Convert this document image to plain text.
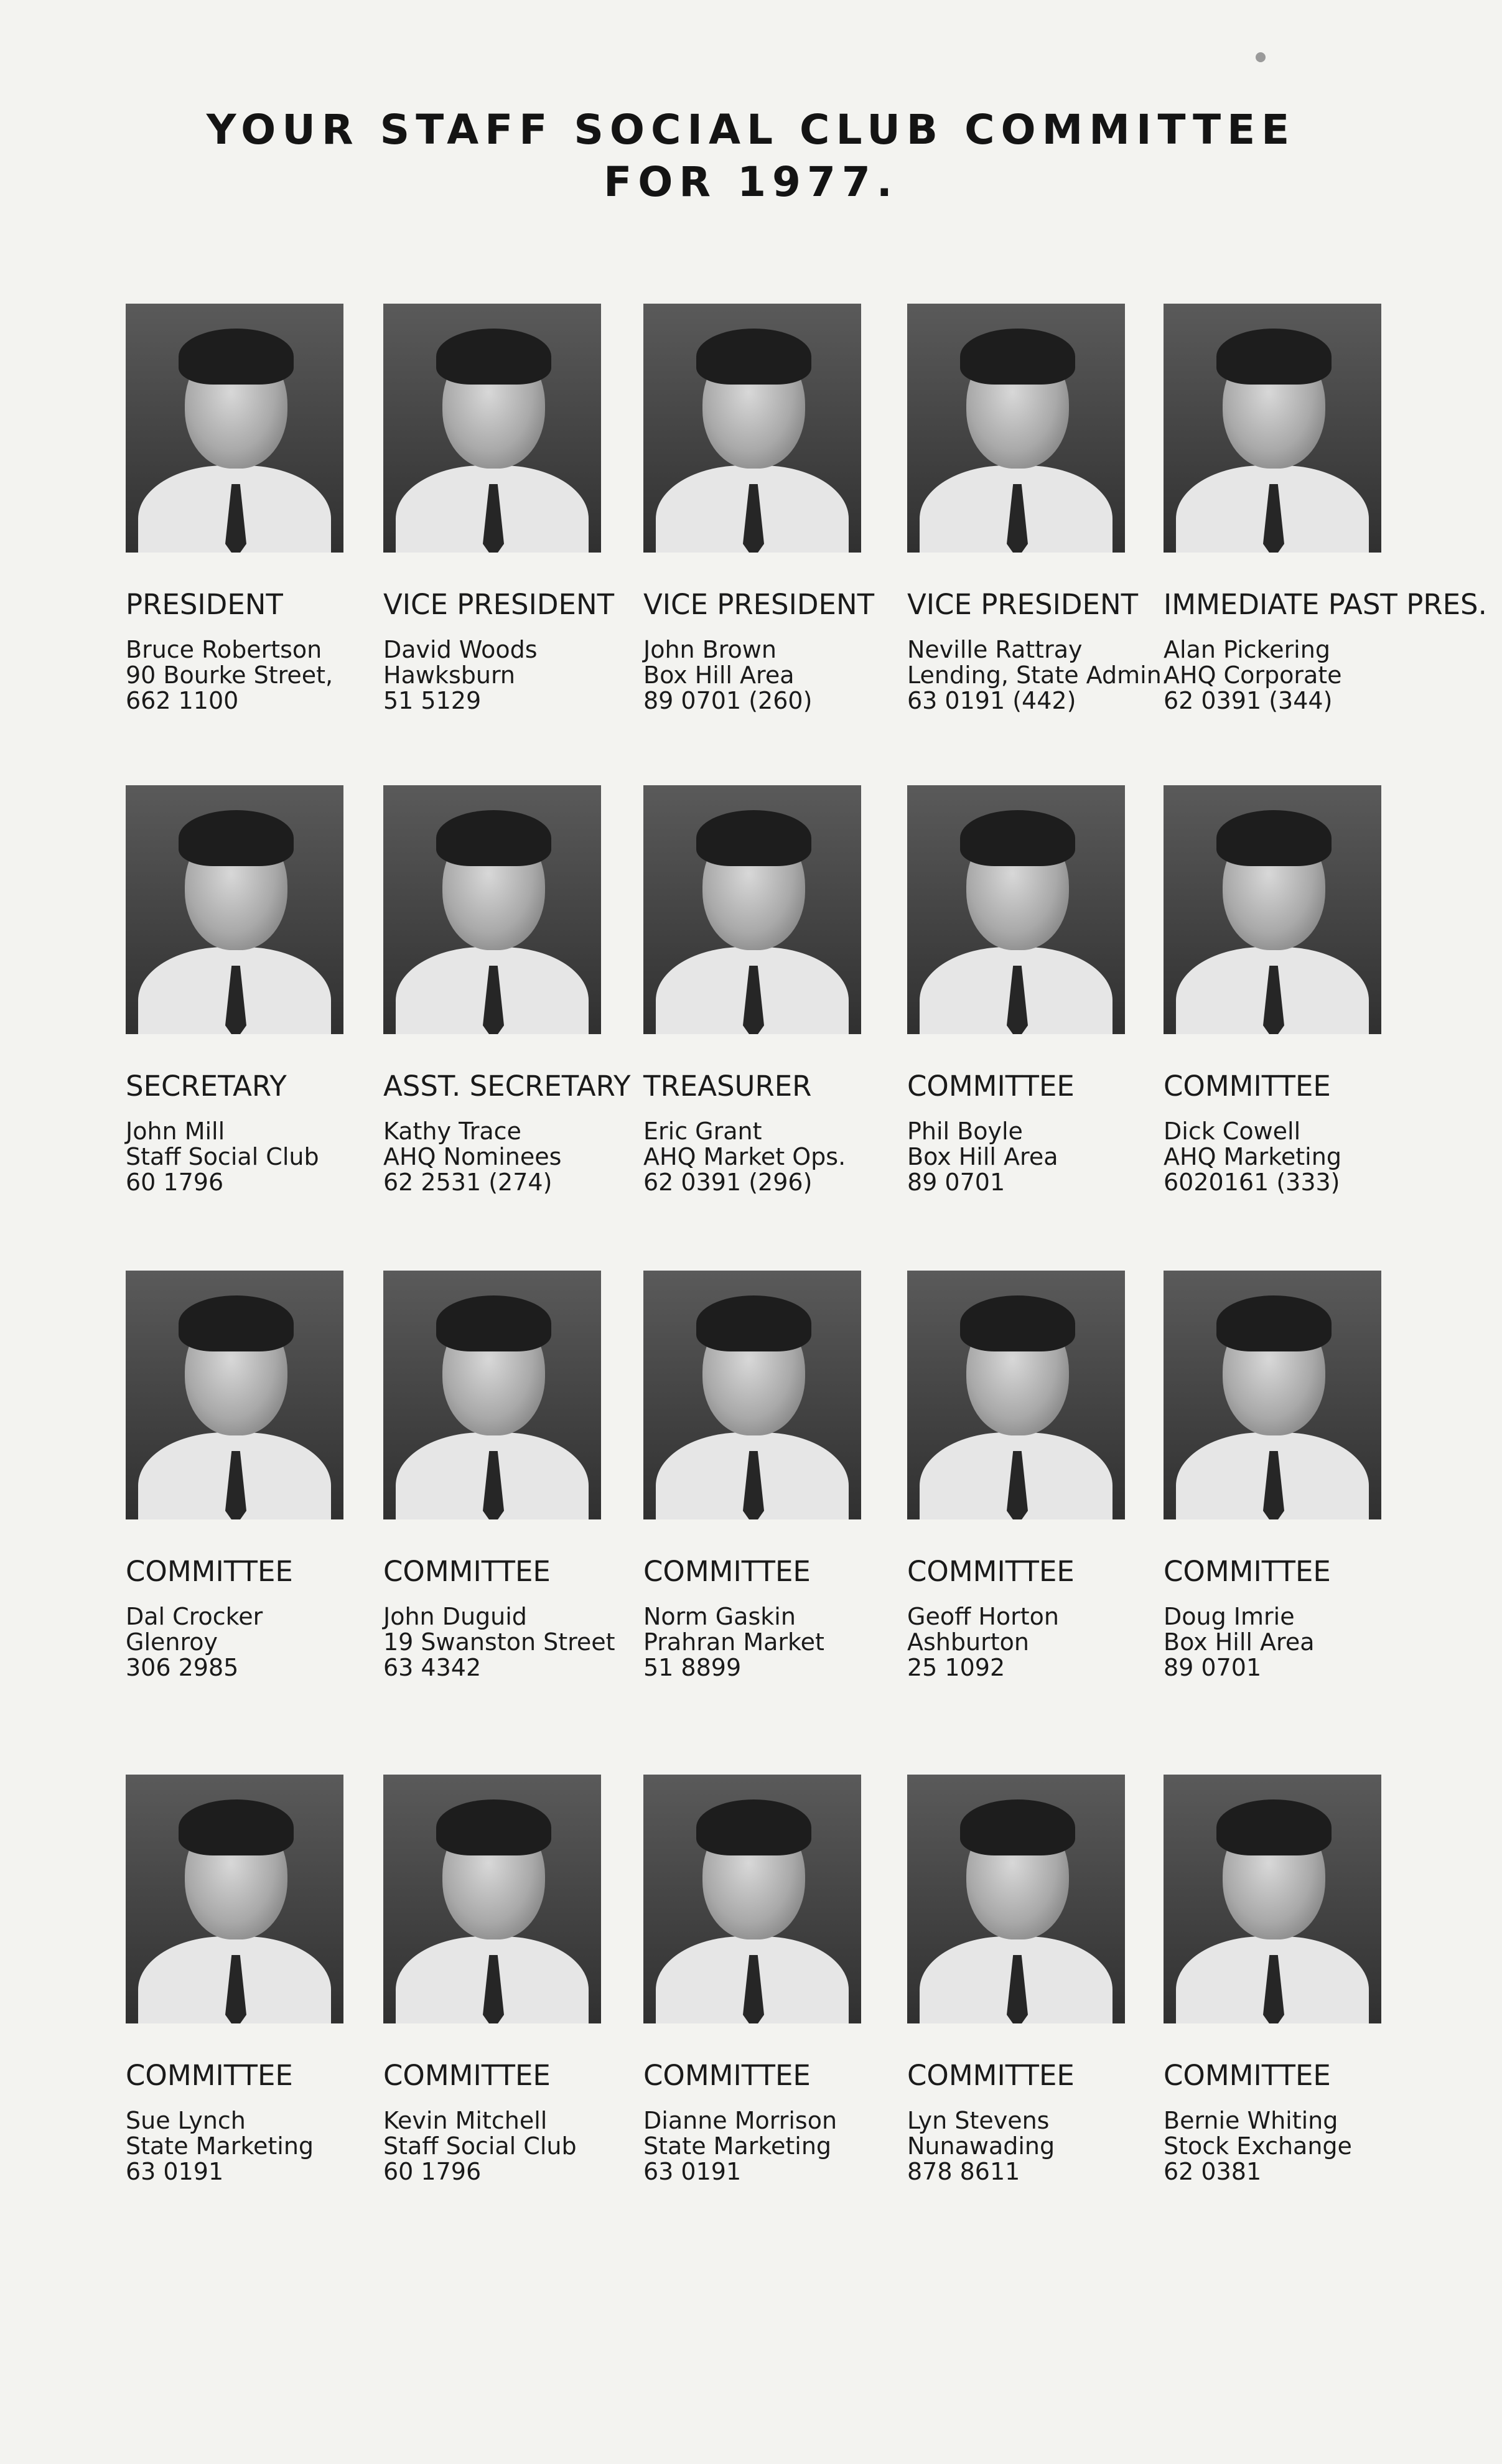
YOUR STAFF SOCIAL CLUB COMMITTEE
FOR 1977.
PRESIDENT
Bruce Robertson
90 Bourke Street,
662 1100
VICE PRESIDENT
David Woods
Hawksburn
51 5129
VICE PRESIDENT
John Brown
Box Hill Area
89 0701 (260)
VICE PRESIDENT
Neville Rattray
Lending, State Admin.
63 0191 (442)
IMMEDIATE PAST PRES.
Alan Pickering
AHQ Corporate
62 0391 (344)
SECRETARY
John Mill
Staff Social Club
60 1796
ASST. SECRETARY
Kathy Trace
AHQ Nominees
62 2531 (274)
TREASURER
Eric Grant
AHQ Market Ops.
62 0391 (296)
COMMITTEE
Phil Boyle
Box Hill Area
89 0701
COMMITTEE
Dick Cowell
AHQ Marketing
6020161 (333)
COMMITTEE
Dal Crocker
Glenroy
306 2985
COMMITTEE
John Duguid
19 Swanston Street
63 4342
COMMITTEE
Norm Gaskin
Prahran Market
51 8899
COMMITTEE
Geoff Horton
Ashburton
25 1092
COMMITTEE
Doug Imrie
Box Hill Area
89 0701
COMMITTEE
Sue Lynch
State Marketing
63 0191
COMMITTEE
Kevin Mitchell
Staff Social Club
60 1796
COMMITTEE
Dianne Morrison
State Marketing
63 0191
COMMITTEE
Lyn Stevens
Nunawading
878 8611
COMMITTEE
Bernie Whiting
Stock Exchange
62 0381
